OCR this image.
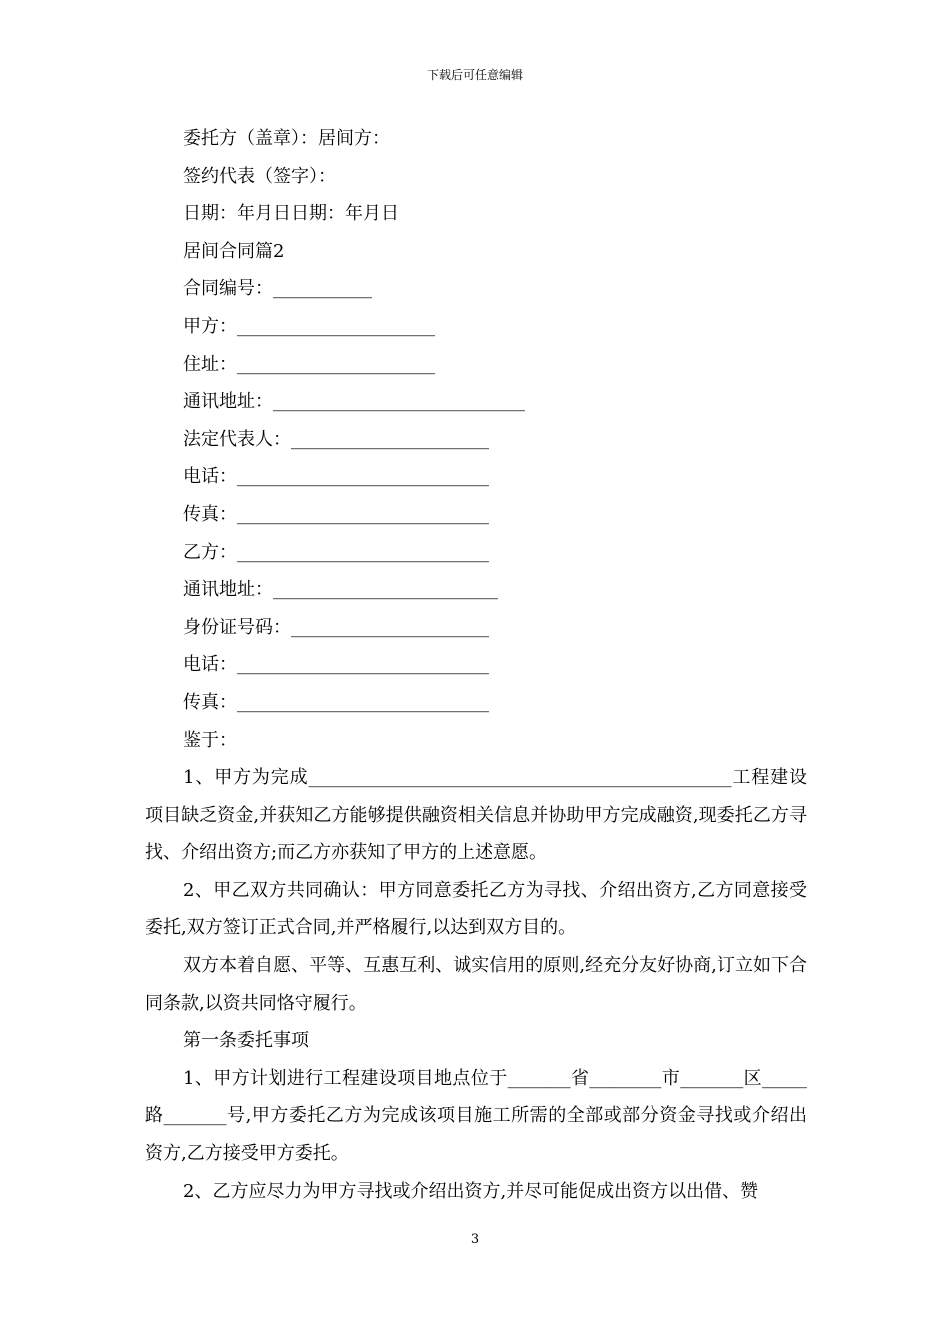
下载后可任意编辑
委托方（盖章）：居间方：
签约代表（签字）：
日期：年月日日期：年月日
居间合同篇2
合同编号：___________
甲方：______________________
住址：______________________
通讯地址：____________________________
法定代表人：______________________
电话：____________________________
传真：____________________________
乙方：____________________________
通讯地址：_________________________
身份证号码：______________________
电话：____________________________
传真：____________________________
鉴于：

1、甲方为完成_______________________________________________工程建设项目缺乏资金,并获知乙方能够提供融资相关信息并协助甲方完成融资,现委托乙方寻找、介绍出资方;而乙方亦获知了甲方的上述意愿。

2、甲乙双方共同确认：甲方同意委托乙方为寻找、介绍出资方,乙方同意接受委托,双方签订正式合同,并严格履行,以达到双方目的。

双方本着自愿、平等、互惠互利、诚实信用的原则,经充分友好协商,订立如下合同条款,以资共同恪守履行。

第一条委托事项

1、甲方计划进行工程建设项目地点位于_______省________市_______区_____路_______号,甲方委托乙方为完成该项目施工所需的全部或部分资金寻找或介绍出资方,乙方接受甲方委托。

2、乙方应尽力为甲方寻找或介绍出资方,并尽可能促成出资方以出借、赞

3
